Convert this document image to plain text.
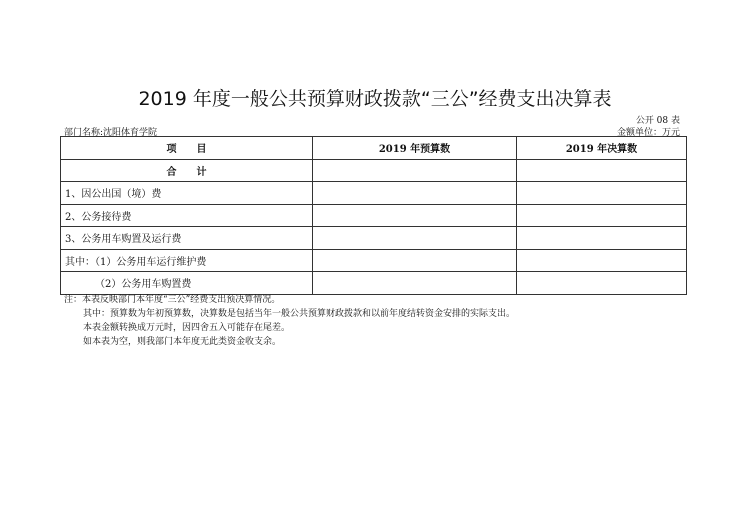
2019 年度一般公共预算财政拨款“三公”经费支出决算表
公开 08 表
部门名称:沈阳体育学院	金额单位：万元
项　　目	2019 年预算数	2019 年决算数
合　　计		
1、因公出国（境）费		
2、公务接待费		
3、公务用车购置及运行费		
其中：（1）公务用车运行维护费		
（2）公务用车购置费		
注：本表反映部门本年度“三公”经费支出预决算情况。
其中：预算数为年初预算数，决算数是包括当年一般公共预算财政拨款和以前年度结转资金安排的实际支出。
本表金额转换成万元时，因四舍五入可能存在尾差。
如本表为空，则我部门本年度无此类资金收支余。
